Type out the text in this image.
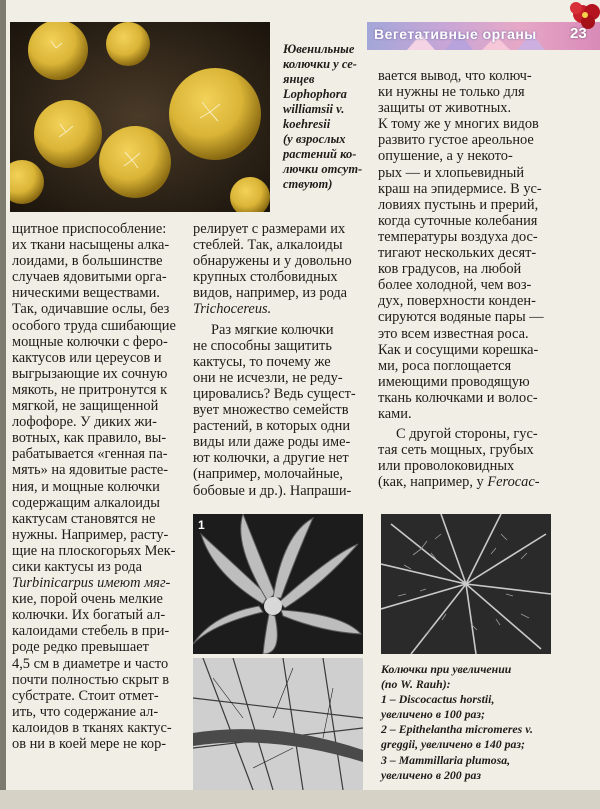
Вегетативные органы 23
Ювенильные
колючки у се-
янцев
Lophophora
williamsii v.
koehresii
(у взрослых
растений ко-
лючки отсут-
ствуют)
щитное приспособление:
их ткани насыщены алка-
лоидами, в большинстве
случаев ядовитыми орга-
ническими веществами.
Так, одичавшие ослы, без
особого труда сшибающие
мощные колючки с феро-
кактусов или цереусов и
выгрызающие их сочную
мякоть, не притронутся к
мягкой, не защищенной
лофофоре. У диких жи-
вотных, как правило, вы-
рабатывается «генная па-
мять» на ядовитые расте-
ния, и мощные колючки
содержащим алкалоиды
кактусам становятся не
нужны. Например, расту-
щие на плоскогорьях Мек-
сики кактусы из рода
Turbinicarpus имеют мяг-
кие, порой очень мелкие
колючки. Их богатый ал-
калоидами стебель в при-
роде редко превышает
4,5 см в диаметре и часто
почти полностью скрыт в
субстрате. Стоит отмет-
ить, что содержание ал-
калоидов в тканях кактус-
ов ни в коей мере не кор-
релирует с размерами их
стеблей. Так, алкалоиды
обнаружены и у довольно
крупных столбовидных
видов, например, из рода
Trichocereus.
Раз мягкие колючки
не способны защитить
кактусы, то почему же
они не исчезли, не реду-
цировались? Ведь сущест-
вует множество семейств
растений, в которых одни
виды или даже роды име-
ют колючки, а другие нет
(например, молочайные,
бобовые и др.). Напраши-
вается вывод, что колюч-
ки нужны не только для
защиты от животных.
К тому же у многих видов
развито густое ареольное
опушение, а у некото-
рых — и хлопьевидный
краш на эпидермисе. В ус-
ловиях пустынь и прерий,
когда суточные колебания
температуры воздуха дос-
тигают нескольких десят-
ков градусов, на любой
более холодной, чем воз-
дух, поверхности конден-
сируются водяные пары —
это всем известная роса.
Как и сосущими корешка-
ми, роса поглощается
имеющими проводящую
ткань колючками и волос-
ками.
С другой стороны, гус-
тая сеть мощных, грубых
или проволоковидных
(как, например, у Ferocac-
1
Колючки при увеличении
(по W. Rauh):
1 – Discocactus horstii,
увеличено в 100 раз;
2 – Epithelantha micromeres v.
greggii, увеличено в 140 раз;
3 – Mammillaria plumosa,
увеличено в 200 раз
